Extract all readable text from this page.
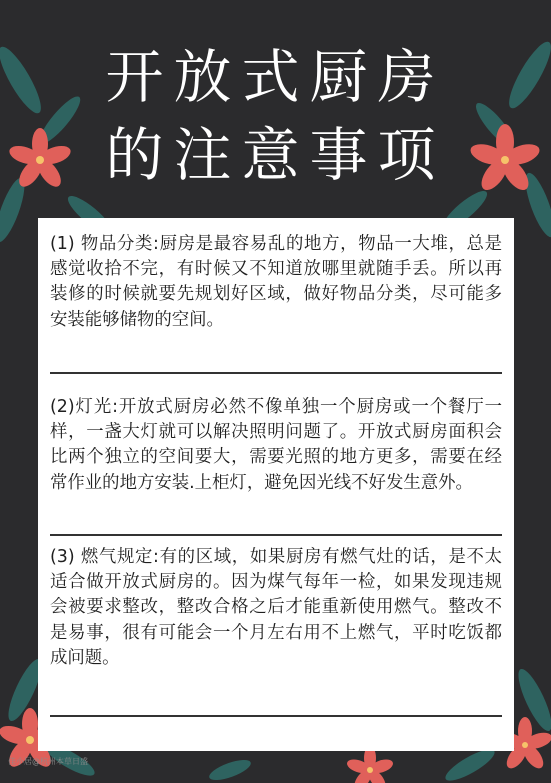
开放式厨房
的注意事项
(1) 物品分类:厨房是最容易乱的地方，物品一大堆，总是感觉收拾不完，有时候又不知道放哪里就随手丢。所以再装修的时候就要先规划好区域，做好物品分类，尽可能多安装能够储物的空间。
(2)灯光:开放式厨房必然不像单独一个厨房或一个餐厅一样，一盏大灯就可以解决照明问题了。开放式厨房面积会比两个独立的空间要大，需要光照的地方更多，需要在经常作业的地方安装.上柜灯，避免因光线不好发生意外。
(3) 燃气规定:有的区域，如果厨房有燃气灶的话，是不太适合做开放式厨房的。因为煤气每年一检，如果发现违规会被要求整改，整改合格之后才能重新使用燃气。整改不是易事，很有可能会一个月左右用不上燃气，平时吃饭都成问题。
佳小居@杭州本草日盛
